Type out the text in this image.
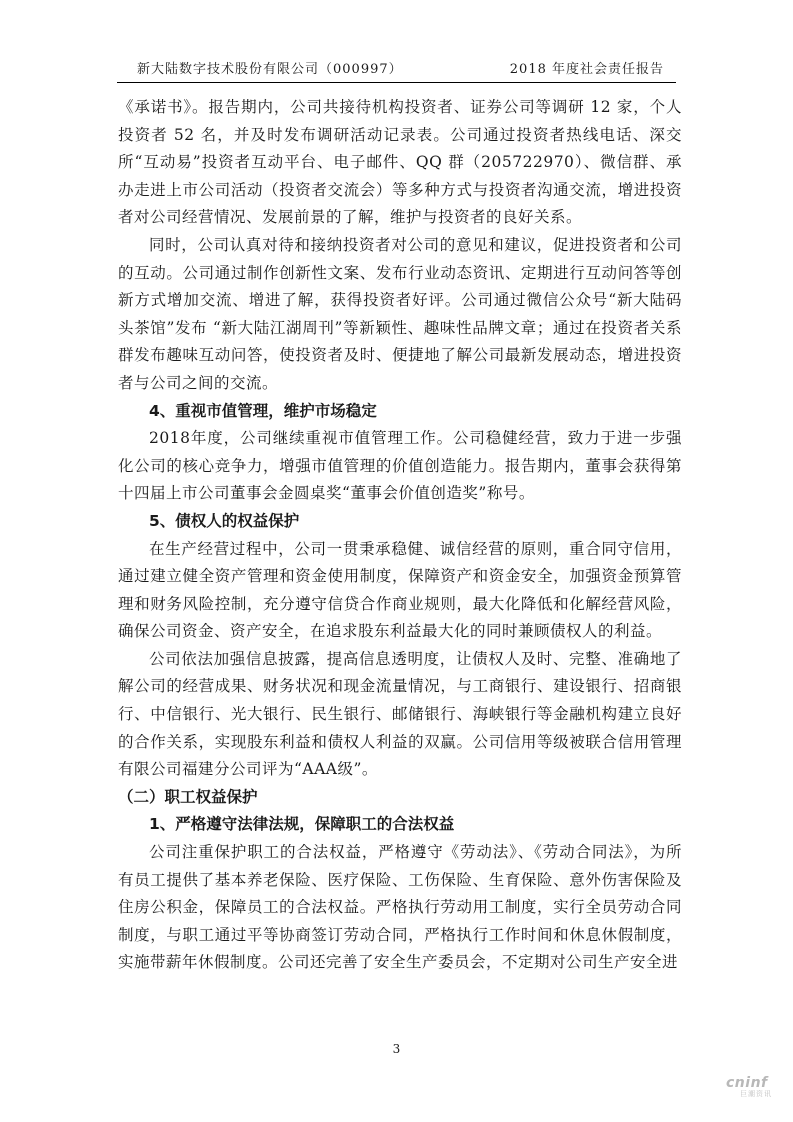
新大陆数字技术股份有限公司（000997）	2018 年度社会责任报告

《承诺书》。报告期内，公司共接待机构投资者、证券公司等调研 12 家，个人投资者 52 名，并及时发布调研活动记录表。公司通过投资者热线电话、深交所“互动易”投资者互动平台、电子邮件、QQ 群（205722970）、微信群、承办走进上市公司活动（投资者交流会）等多种方式与投资者沟通交流，增进投资者对公司经营情况、发展前景的了解，维护与投资者的良好关系。

同时，公司认真对待和接纳投资者对公司的意见和建议，促进投资者和公司的互动。公司通过制作创新性文案、发布行业动态资讯、定期进行互动问答等创新方式增加交流、增进了解，获得投资者好评。公司通过微信公众号“新大陆码头茶馆”发布 “新大陆江湖周刊”等新颖性、趣味性品牌文章；通过在投资者关系群发布趣味互动问答，使投资者及时、便捷地了解公司最新发展动态，增进投资者与公司之间的交流。

4、重视市值管理，维护市场稳定

2018年度，公司继续重视市值管理工作。公司稳健经营，致力于进一步强化公司的核心竞争力，增强市值管理的价值创造能力。报告期内，董事会获得第十四届上市公司董事会金圆桌奖“董事会价值创造奖”称号。

5、债权人的权益保护

在生产经营过程中，公司一贯秉承稳健、诚信经营的原则，重合同守信用，通过建立健全资产管理和资金使用制度，保障资产和资金安全，加强资金预算管理和财务风险控制，充分遵守信贷合作商业规则，最大化降低和化解经营风险，确保公司资金、资产安全，在追求股东利益最大化的同时兼顾债权人的利益。

公司依法加强信息披露，提高信息透明度，让债权人及时、完整、准确地了解公司的经营成果、财务状况和现金流量情况，与工商银行、建设银行、招商银行、中信银行、光大银行、民生银行、邮储银行、海峡银行等金融机构建立良好的合作关系，实现股东利益和债权人利益的双赢。公司信用等级被联合信用管理有限公司福建分公司评为“AAA级”。

（二）职工权益保护

1、严格遵守法律法规，保障职工的合法权益

公司注重保护职工的合法权益，严格遵守《劳动法》、《劳动合同法》，为所有员工提供了基本养老保险、医疗保险、工伤保险、生育保险、意外伤害保险及住房公积金，保障员工的合法权益。严格执行劳动用工制度，实行全员劳动合同制度，与职工通过平等协商签订劳动合同，严格执行工作时间和休息休假制度，实施带薪年休假制度。公司还完善了安全生产委员会，不定期对公司生产安全进

3
cninf
巨潮资讯
